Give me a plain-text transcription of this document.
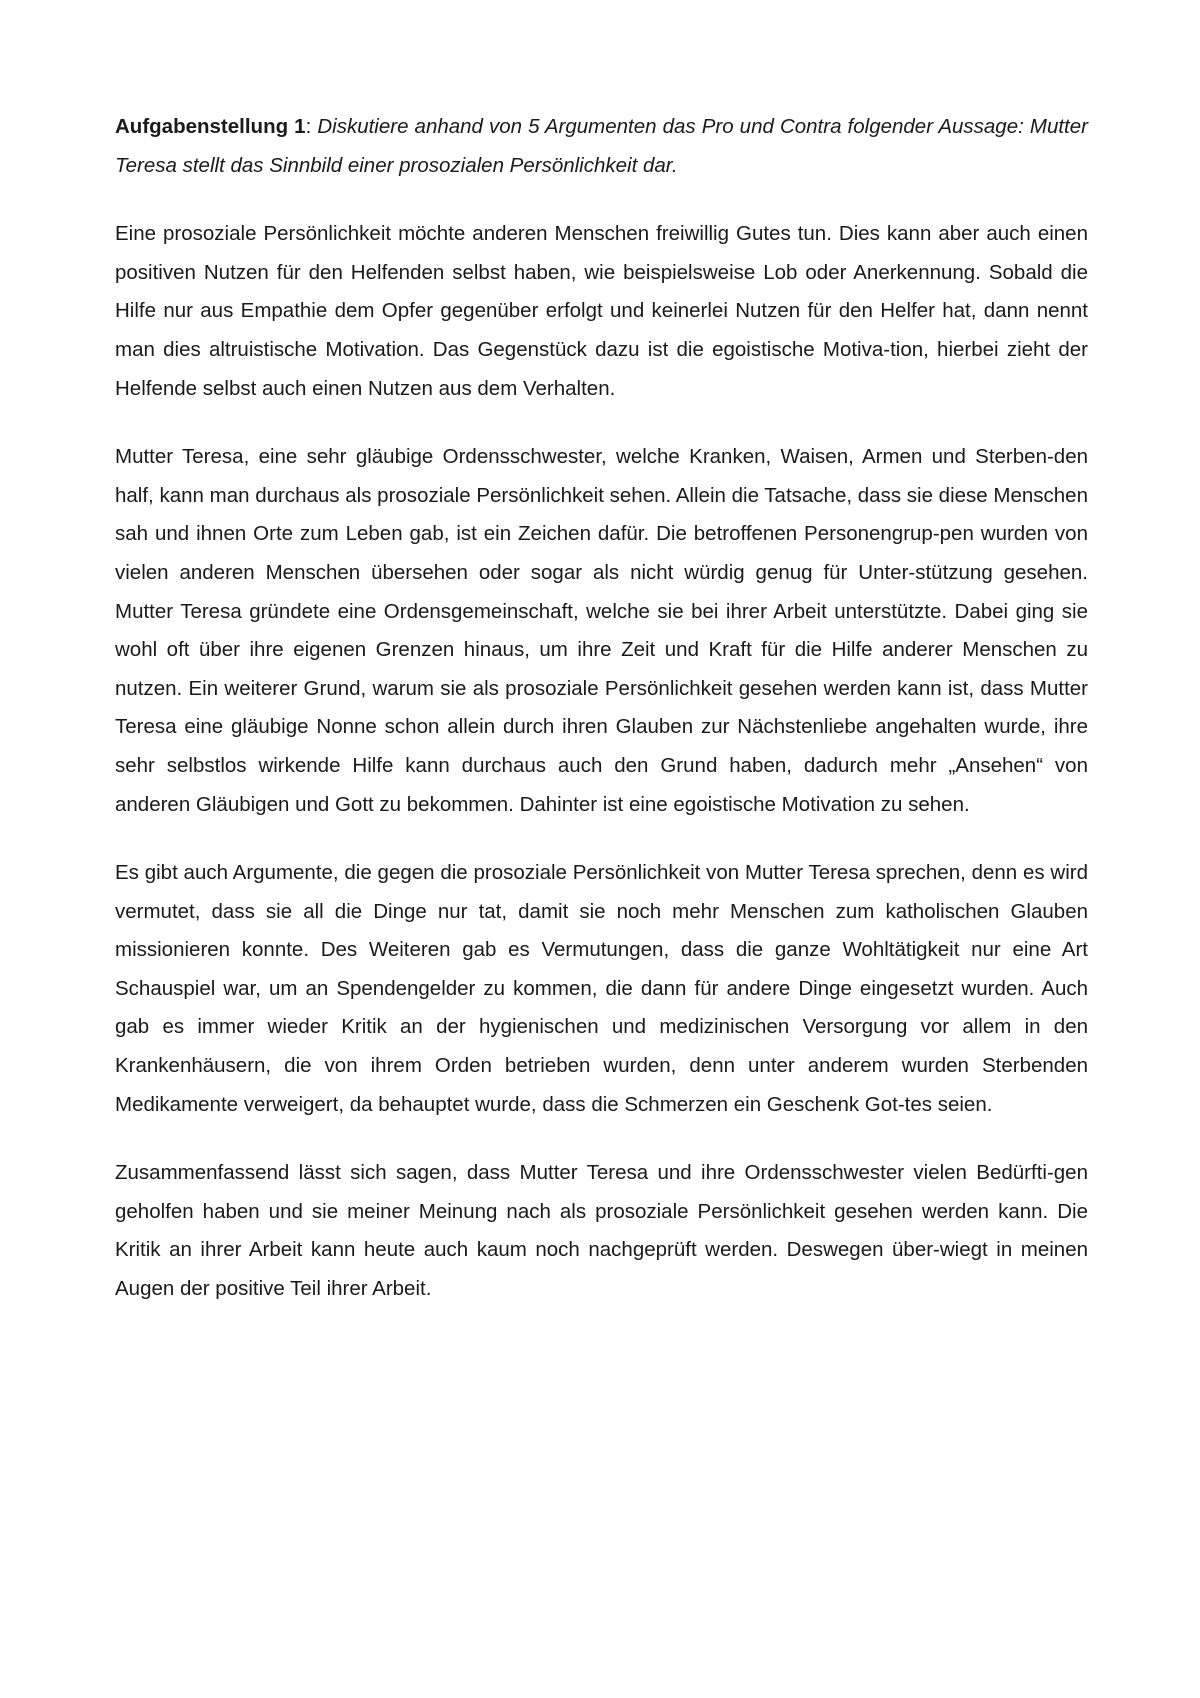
Aufgabenstellung 1: Diskutiere anhand von 5 Argumenten das Pro und Contra folgender Aussage: Mutter Teresa stellt das Sinnbild einer prosozialen Persönlichkeit dar.

Eine prosoziale Persönlichkeit möchte anderen Menschen freiwillig Gutes tun. Dies kann aber auch einen positiven Nutzen für den Helfenden selbst haben, wie beispielsweise Lob oder Anerkennung. Sobald die Hilfe nur aus Empathie dem Opfer gegenüber erfolgt und keinerlei Nutzen für den Helfer hat, dann nennt man dies altruistische Motivation. Das Gegenstück dazu ist die egoistische Motiva-tion, hierbei zieht der Helfende selbst auch einen Nutzen aus dem Verhalten.

Mutter Teresa, eine sehr gläubige Ordensschwester, welche Kranken, Waisen, Armen und Sterben-den half, kann man durchaus als prosoziale Persönlichkeit sehen. Allein die Tatsache, dass sie diese Menschen sah und ihnen Orte zum Leben gab, ist ein Zeichen dafür. Die betroffenen Personengrup-pen wurden von vielen anderen Menschen übersehen oder sogar als nicht würdig genug für Unter-stützung gesehen. Mutter Teresa gründete eine Ordensgemeinschaft, welche sie bei ihrer Arbeit unterstützte. Dabei ging sie wohl oft über ihre eigenen Grenzen hinaus, um ihre Zeit und Kraft für die Hilfe anderer Menschen zu nutzen. Ein weiterer Grund, warum sie als prosoziale Persönlichkeit gesehen werden kann ist, dass Mutter Teresa eine gläubige Nonne schon allein durch ihren Glauben zur Nächstenliebe angehalten wurde, ihre sehr selbstlos wirkende Hilfe kann durchaus auch den Grund haben, dadurch mehr „Ansehen“ von anderen Gläubigen und Gott zu bekommen. Dahinter ist eine egoistische Motivation zu sehen.

Es gibt auch Argumente, die gegen die prosoziale Persönlichkeit von Mutter Teresa sprechen, denn es wird vermutet, dass sie all die Dinge nur tat, damit sie noch mehr Menschen zum katholischen Glauben missionieren konnte. Des Weiteren gab es Vermutungen, dass die ganze Wohltätigkeit nur eine Art Schauspiel war, um an Spendengelder zu kommen, die dann für andere Dinge eingesetzt wurden. Auch gab es immer wieder Kritik an der hygienischen und medizinischen Versorgung vor allem in den Krankenhäusern, die von ihrem Orden betrieben wurden, denn unter anderem wurden Sterbenden Medikamente verweigert, da behauptet wurde, dass die Schmerzen ein Geschenk Got-tes seien.

Zusammenfassend lässt sich sagen, dass Mutter Teresa und ihre Ordensschwester vielen Bedürfti-gen geholfen haben und sie meiner Meinung nach als prosoziale Persönlichkeit gesehen werden kann. Die Kritik an ihrer Arbeit kann heute auch kaum noch nachgeprüft werden. Deswegen über-wiegt in meinen Augen der positive Teil ihrer Arbeit.
